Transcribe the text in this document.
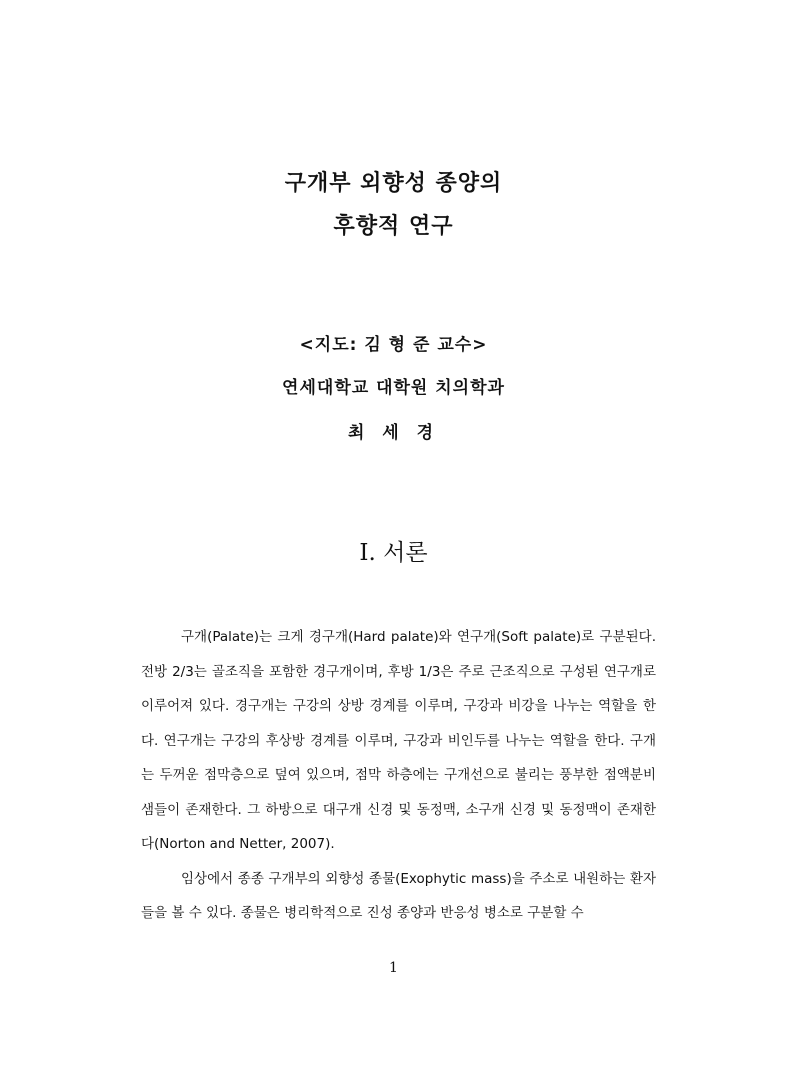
구개부 외향성 종양의
후향적 연구
<지도: 김 형 준 교수>
연세대학교 대학원 치의학과
최 세 경
I. 서론

구개(Palate)는 크게 경구개(Hard palate)와 연구개(Soft palate)로 구분된다. 전방 2/3는 골조직을 포함한 경구개이며, 후방 1/3은 주로 근조직으로 구성된 연구개로 이루어져 있다. 경구개는 구강의 상방 경계를 이루며, 구강과 비강을 나누는 역할을 한다. 연구개는 구강의 후상방 경계를 이루며, 구강과 비인두를 나누는 역할을 한다. 구개는 두꺼운 점막층으로 덮여 있으며, 점막 하층에는 구개선으로 불리는 풍부한 점액분비 샘들이 존재한다. 그 하방으로 대구개 신경 및 동정맥, 소구개 신경 및 동정맥이 존재한다(Norton and Netter, 2007).

임상에서 종종 구개부의 외향성 종물(Exophytic mass)을 주소로 내원하는 환자들을 볼 수 있다. 종물은 병리학적으로 진성 종양과 반응성 병소로 구분할 수

1
